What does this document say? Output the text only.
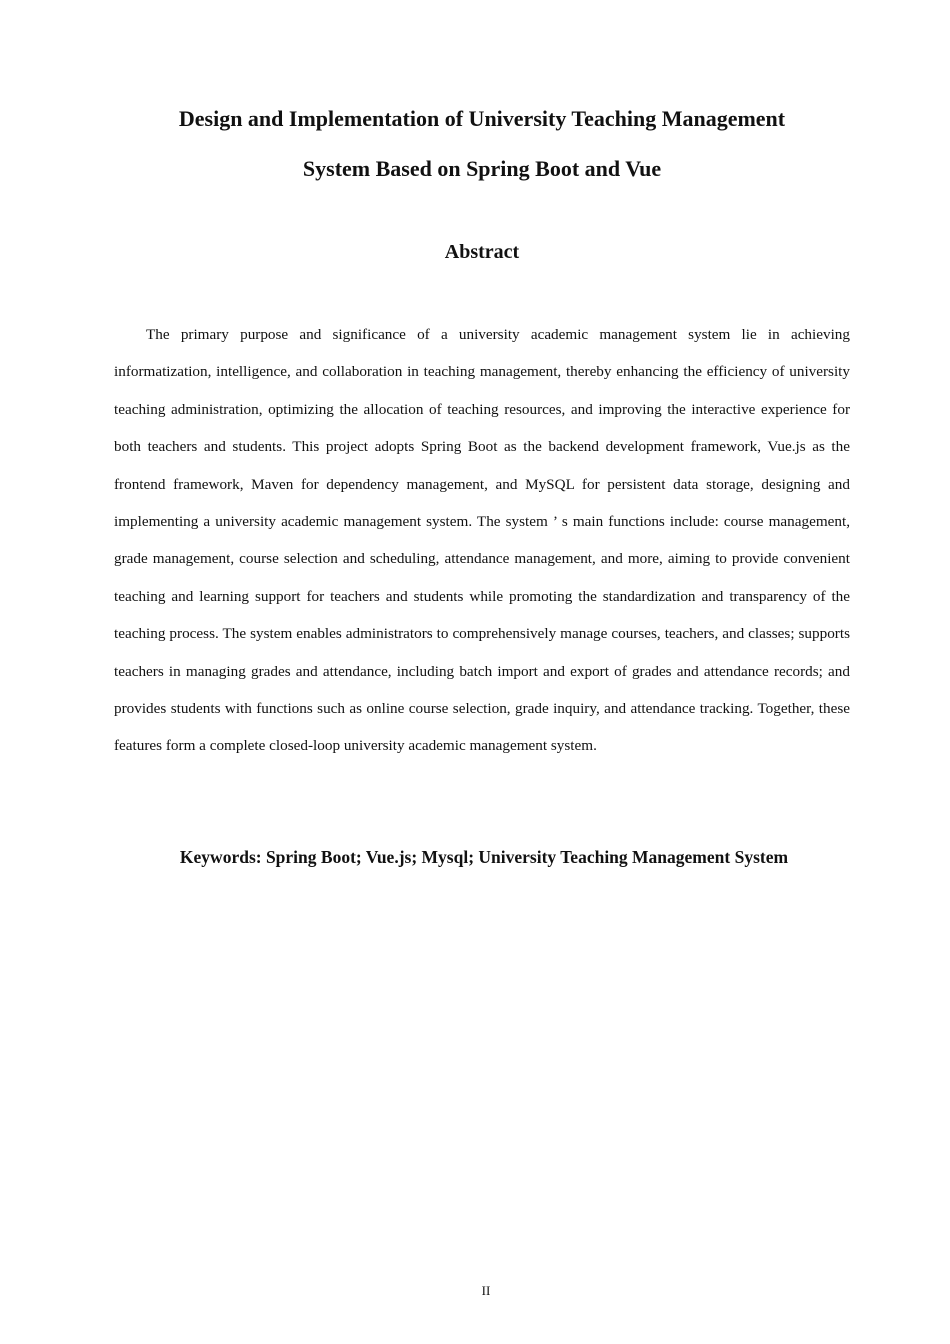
Design and Implementation of University Teaching Management
System Based on Spring Boot and Vue
Abstract

The primary purpose and significance of a university academic management system lie in achieving informatization, intelligence, and collaboration in teaching management, thereby enhancing the efficiency of university teaching administration, optimizing the allocation of teaching resources, and improving the interactive experience for both teachers and students. This project adopts Spring Boot as the backend development framework, Vue.js as the frontend framework, Maven for dependency management, and MySQL for persistent data storage, designing and implementing a university academic management system. The system ’ s main functions include: course management, grade management, course selection and scheduling, attendance management, and more, aiming to provide convenient teaching and learning support for teachers and students while promoting the standardization and transparency of the teaching process. The system enables administrators to comprehensively manage courses, teachers, and classes; supports teachers in managing grades and attendance, including batch import and export of grades and attendance records; and provides students with functions such as online course selection, grade inquiry, and attendance tracking. Together, these features form a complete closed-loop university academic management system.

Keywords: Spring Boot; Vue.js; Mysql; University Teaching Management System

II
